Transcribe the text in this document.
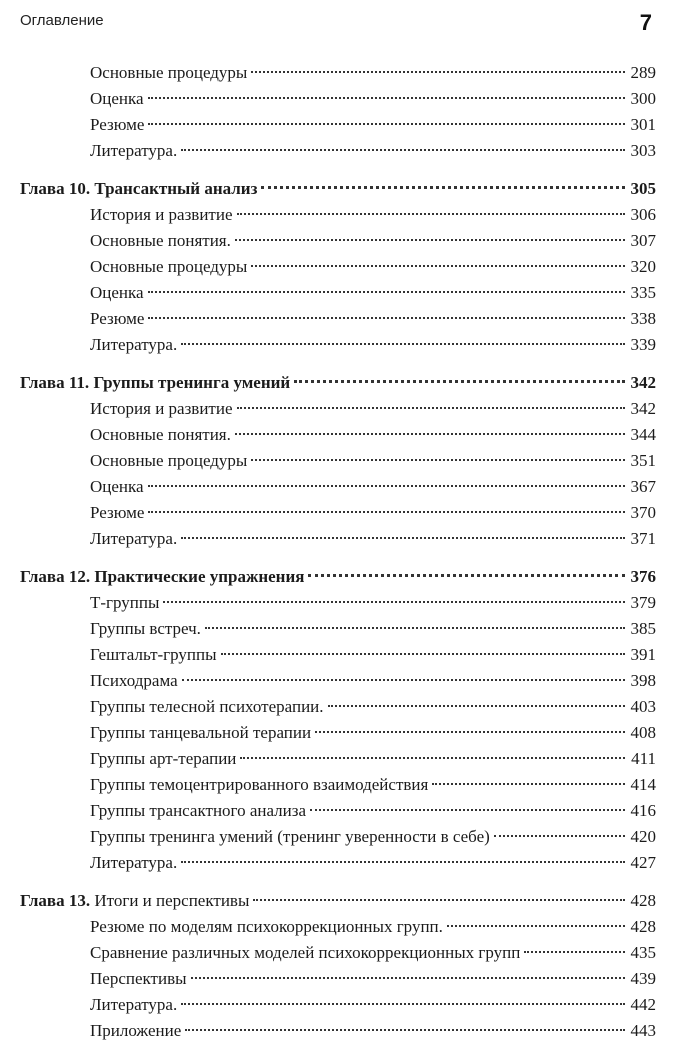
Оглавление	7
Основные процедуры	289
Оценка	300
Резюме	301
Литература.	303
Глава 10. Трансактный анализ	305
История и развитие	306
Основные понятия.	307
Основные процедуры	320
Оценка	335
Резюме	338
Литература.	339
Глава 11. Группы тренинга умений	342
История и развитие	342
Основные понятия.	344
Основные процедуры	351
Оценка	367
Резюме	370
Литература.	371
Глава 12. Практические упражнения	376
Т-группы	379
Группы встреч.	385
Гештальт-группы	391
Психодрама	398
Группы телесной психотерапии.	403
Группы танцевальной терапии	408
Группы арт-терапии	411
Группы темоцентрированного взаимодействия	414
Группы трансактного анализа	416
Группы тренинга умений (тренинг уверенности в себе)	420
Литература.	427
Глава 13. Итоги и перспективы	428
Резюме по моделям психокоррекционных групп.	428
Сравнение различных моделей психокоррекционных групп	435
Перспективы	439
Литература.	442
Приложение	443
